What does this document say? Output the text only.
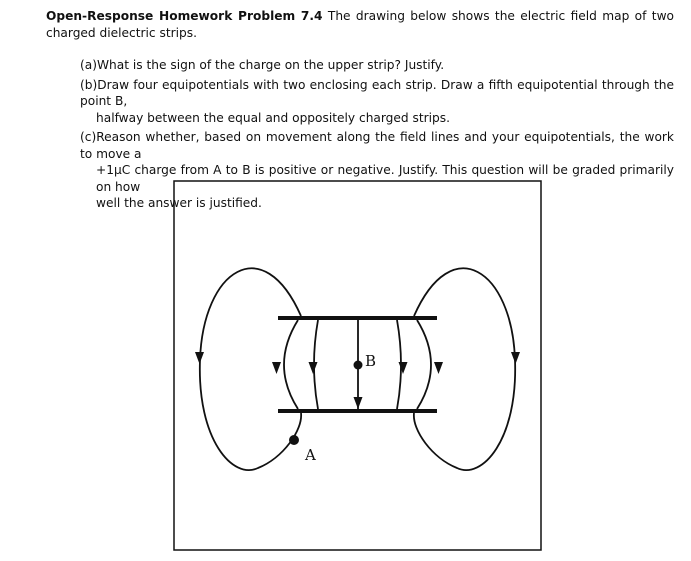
Open-Response Homework Problem 7.4 The drawing below shows the electric field map of two charged dielectric strips.

(a)What is the sign of the charge on the upper strip? Justify.
(b)Draw four equipotentials with two enclosing each strip. Draw a fifth equipotential through the point B,
halfway between the equal and oppositely charged strips.
(c)Reason whether, based on movement along the field lines and your equipotentials, the work to move a
+1μC charge from A to B is positive or negative. Justify. This question will be graded primarily on how
well the answer is justified.
B
A
